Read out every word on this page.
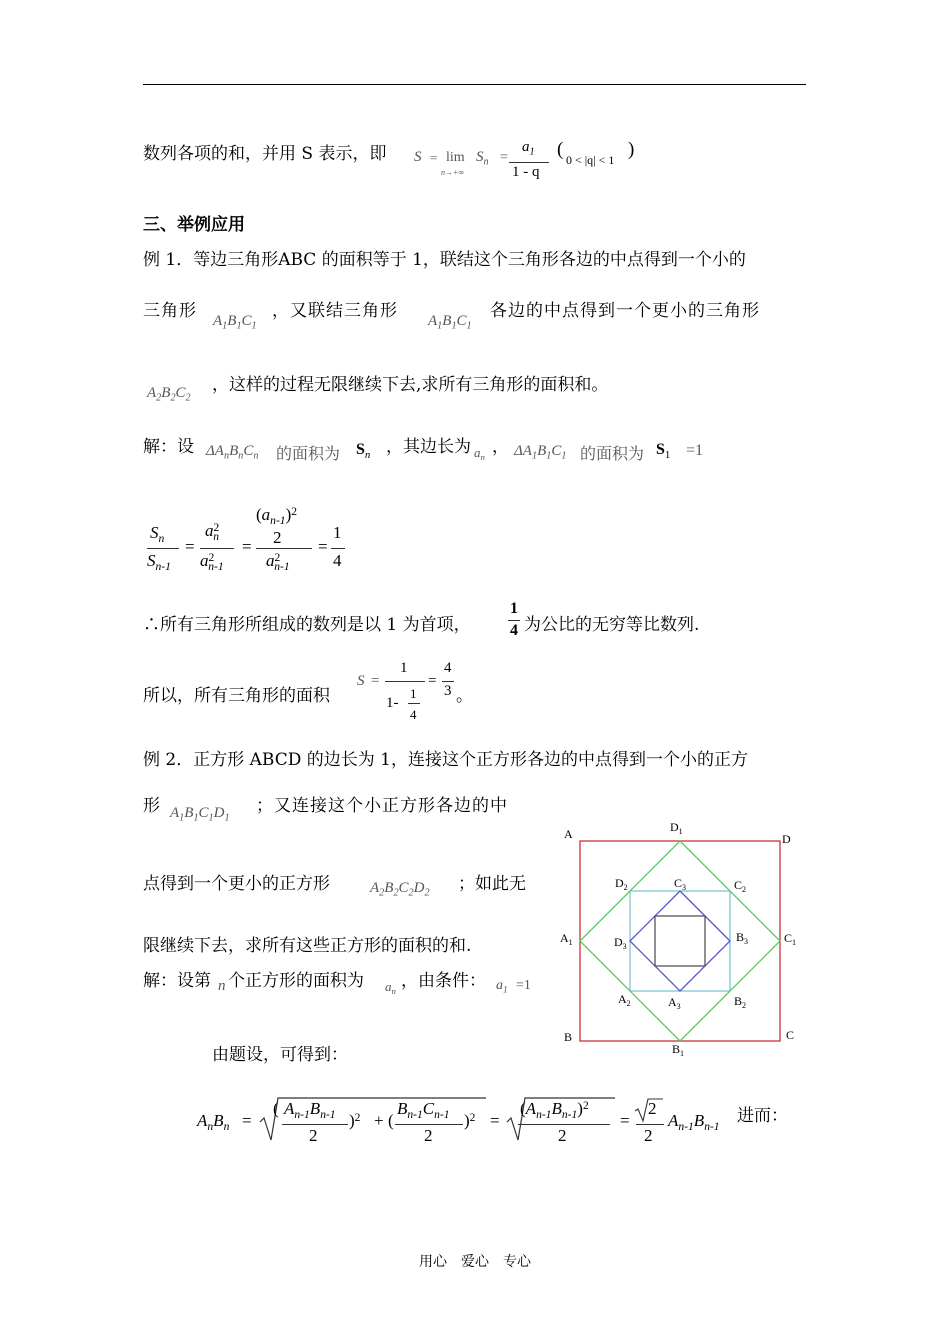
数列各项的和，并用 S 表示，即 S = lim
n→+∞
$S_n$ =
$a_1$
1 - q
( 0 < |q| < 1 )
三、举例应用
例 1．等边三角形ABC 的面积等于 1，联结这个三角形各边的中点得到一个小的
三角形 $A_1B_1C_1$
，又联结三角形 $A_1B_1C_1$
各边的中点得到一个更小的三角形
$A_2B_2C_2$
，这样的过程无限继续下去,求所有三角形的面积和。
解：设 $\Delta A_nB_nC_n$ 的面积为 $S_n$ ，其边长为 $a_n$
， $\Delta A_1B_1C_1$ 的面积为 $S_1 =1$
$S_n$
$S_{n-1}$
=
$a^2_n$
$a^2_{n-1}$
=
$(a_{n-1})^2$
2
$a^2_{n-1}$
=
1
4
∴所有三角形所组成的数列是以 1 为首项，
1
4 为公比的无穷等比数列.
所以，所有三角形的面积
S =
1
1-
1
4
=
4
3 。
例 2．正方形 ABCD 的边长为 1，连接这个正方形各边的中点得到一个小的正方
形 $A_1B_1C_1D_1$
；又连接这个小正方形各边的中
点得到一个更小的正方形	$A_2B_2C_2D_2$ ；如此无
限继续下去，求所有这些正方形的面积的和.
解：设第 n 个正方形的面积为 $a_n$
，由条件： $a_1 =1$
由题设，可得到：
$A_nB_n$ =
( $A_{n-1}B_{n-1}$
2
)$^2$ + (
$B_{n-1}C_{n-1}$
2
)$^2$ =
$(A_{n-1}B_{n-1})^2$
2
=
2
2
$A_{n-1}B_{n-1}$
进而：
A	D
B	C
$D_1$
$A_1$	$C_1$
$B_1$
$D_2$	$C_2$
$A_2$	$B_2$
$C_3$
$D_3$
$B_3$
$A_3$
用心　爱心　专心
